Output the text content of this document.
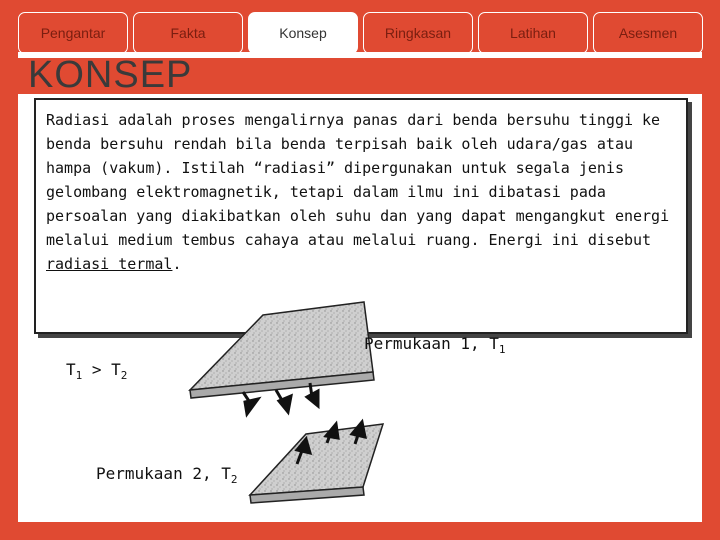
Pengantar	Fakta	Konsep	Ringkasan	Latihan	Asesmen
KONSEP
Radiasi adalah proses mengalirnya panas dari benda bersuhu tinggi ke benda bersuhu rendah bila benda terpisah baik oleh udara/gas atau hampa (vakum). Istilah “radiasi” dipergunakan untuk segala jenis gelombang elektromagnetik, tetapi dalam ilmu ini dibatasi pada persoalan yang diakibatkan oleh suhu dan yang dapat mengangkut energi melalui medium tembus cahaya atau melalui ruang. Energi ini disebut radiasi termal.
$T_1 > T_2$
Permukaan 1, $T_1$
Permukaan 2, $T_2$
